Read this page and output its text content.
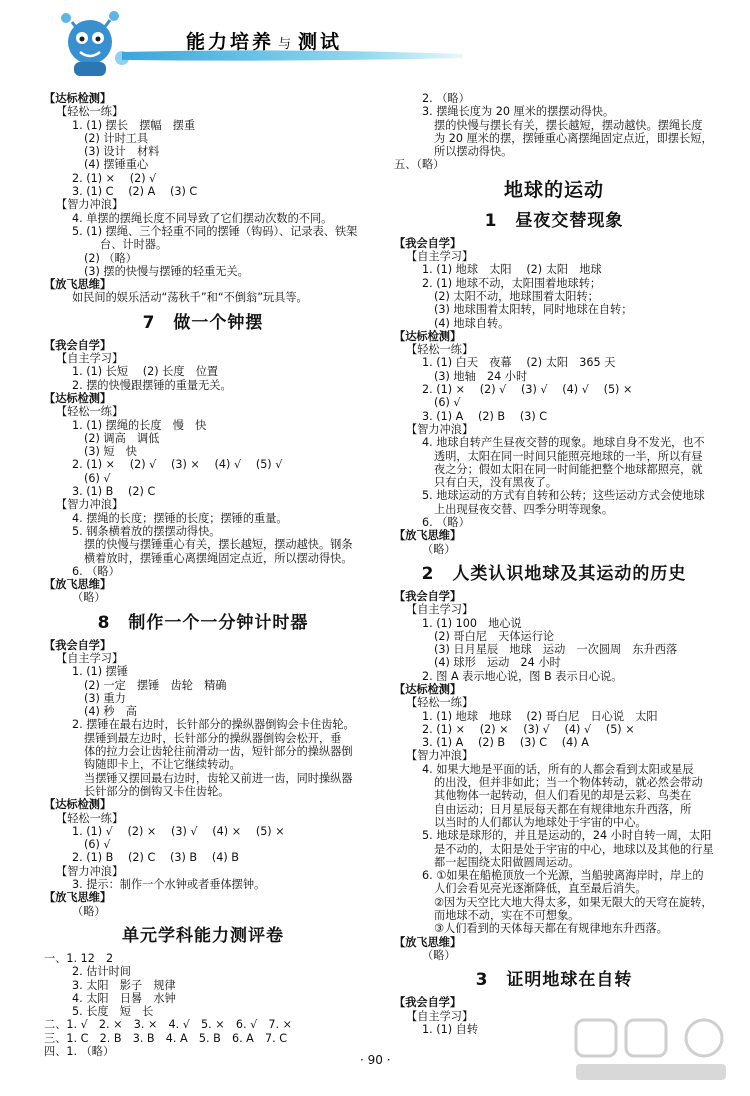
能力培养 与 测试
【达标检测】
【轻松一练】
1. (1) 摆长　摆幅　摆重
(2) 计时工具
(3) 设计　材料
(4) 摆锤重心
2. (1) ×　 (2) √
3. (1) C　 (2) A　 (3) C
【智力冲浪】
4. 单摆的摆绳长度不同导致了它们摆动次数的不同。
5. (1) 摆绳、三个轻重不同的摆锤（钩码）、记录表、铁架
台、计时器。
(2) （略）
(3) 摆的快慢与摆锤的轻重无关。
【放飞思维】
如民间的娱乐活动“荡秋千”和“不倒翁”玩具等。
7 做一个钟摆
【我会自学】
【自主学习】
1. (1) 长短　 (2) 长度　位置
2. 摆的快慢跟摆锤的重量无关。
【达标检测】
【轻松一练】
1. (1) 摆绳的长度　慢　快
(2) 调高　调低
(3) 短　快
2. (1) ×　 (2) √　 (3) ×　 (4) √　 (5) √
(6) √
3. (1) B　 (2) C
【智力冲浪】
4. 摆绳的长度；摆锤的长度；摆锤的重量。
5. 钢条横着放的摆摆动得快。
摆的快慢与摆锤重心有关，摆长越短，摆动越快。钢条
横着放时，摆锤重心离摆绳固定点近，所以摆动得快。
6. （略）
【放飞思维】
（略）
8 制作一个一分钟计时器
【我会自学】
【自主学习】
1. (1) 摆锤
(2) 一定　摆锤　齿轮　精确
(3) 重力
(4) 秒　高
2. 摆锤在最右边时，长针部分的操纵器倒钩会卡住齿轮。
摆锤到最左边时，长针部分的操纵器倒钩会松开，垂
体的拉力会让齿轮往前滑动一齿，短针部分的操纵器倒
钩随即卡上，不让它继续转动。
当摆锤又摆回最右边时，齿轮又前进一齿，同时操纵器
长针部分的倒钩又卡住齿轮。
【达标检测】
【轻松一练】
1. (1) √　 (2) ×　 (3) √　 (4) ×　 (5) ×
(6) √
2. (1) B　 (2) C　 (3) B　 (4) B
【智力冲浪】
3. 提示：制作一个水钟或者垂体摆钟。
【放飞思维】
（略）
单元学科能力测评卷
一、1. 12　2
2. 估计时间
3. 太阳　影子　规律
4. 太阳　日晷　水钟
5. 长度　短　长
二、1. √　2. ×　3. ×　4. √　5. ×　6. √　7. ×
三、1. C　2. B　3. B　4. A　5. B　6. A　7. C
四、1. （略）
2. （略）
3. 摆绳长度为 20 厘米的摆摆动得快。
摆的快慢与摆长有关，摆长越短，摆动越快。摆绳长度
为 20 厘米的摆，摆锤重心离摆绳固定点近，即摆长短，
所以摆动得快。
五、（略）
地球的运动
1 昼夜交替现象
【我会自学】
【自主学习】
1. (1) 地球　太阳　 (2) 太阳　地球
2. (1) 地球不动，太阳围着地球转；
(2) 太阳不动，地球围着太阳转；
(3) 地球围着太阳转，同时地球在自转；
(4) 地球自转。
【达标检测】
【轻松一练】
1. (1) 白天　夜幕　 (2) 太阳　365 天
(3) 地轴　24 小时
2. (1) ×　 (2) √　 (3) √　 (4) √　 (5) ×
(6) √
3. (1) A　 (2) B　 (3) C
【智力冲浪】
4. 地球自转产生昼夜交替的现象。地球自身不发光，也不
透明，太阳在同一时间只能照亮地球的一半，所以有昼
夜之分；假如太阳在同一时间能把整个地球都照亮，就
只有白天，没有黑夜了。
5. 地球运动的方式有自转和公转；这些运动方式会使地球
上出现昼夜交替、四季分明等现象。
6. （略）
【放飞思维】
（略）
2 人类认识地球及其运动的历史
【我会自学】
【自主学习】
1. (1) 100　地心说
(2) 哥白尼　天体运行论
(3) 日月星辰　地球　运动　一次圆周　东升西落
(4) 球形　运动　24 小时
2. 图 A 表示地心说，图 B 表示日心说。
【达标检测】
【轻松一练】
1. (1) 地球　地球　 (2) 哥白尼　日心说　太阳
2. (1) ×　 (2) ×　 (3) √　 (4) √　 (5) ×
3. (1) A　 (2) B　 (3) C　 (4) A
【智力冲浪】
4. 如果大地是平面的话，所有的人都会看到太阳或星辰
的出没，但并非如此；当一个物体转动，就必然会带动
其他物体一起转动，但人们看见的却是云彩、鸟类在
自由运动；日月星辰每天都在有规律地东升西落，所
以当时的人们都认为地球处于宇宙的中心。
5. 地球是球形的，并且是运动的，24 小时自转一周，太阳
是不动的，太阳是处于宇宙的中心，地球以及其他的行星
都一起围绕太阳做圆周运动。
6. ①如果在船桅顶放一个光源，当船驶离海岸时，岸上的
人们会看见亮光逐渐降低，直至最后消失。
②因为天空比大地大得太多，如果无限大的天穹在旋转，
而地球不动，实在不可想象。
③人们看到的天体每天都在有规律地东升西落。
【放飞思维】
（略）
3 证明地球在自转
【我会自学】
【自主学习】
1. (1) 自转
· 90 ·
